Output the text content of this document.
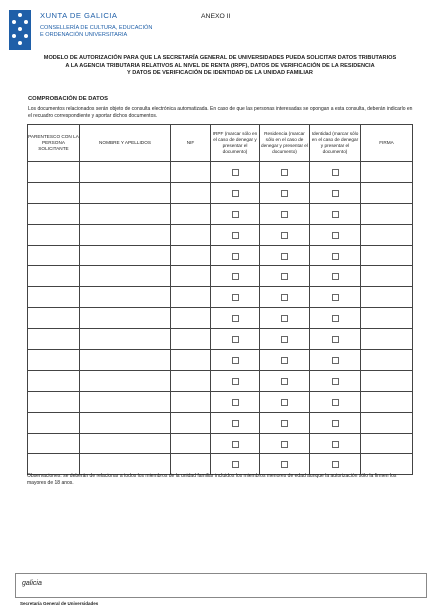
XUNTA DE GALICIA
CONSELLERÍA DE CULTURA, EDUCACIÓN
E ORDENACIÓN UNIVERSITARIA
ANEXO II
MODELO DE AUTORIZACIÓN PARA QUE LA SECRETARÍA GENERAL DE UNIVERSIDADES PUEDA SOLICITAR DATOS TRIBUTARIOS
A LA AGENCIA TRIBUTARIA RELATIVOS AL NIVEL DE RENTA (IRPF), DATOS DE VERIFICACIÓN DE LA RESIDENCIA
Y DATOS DE VERIFICACIÓN DE IDENTIDAD DE LA UNIDAD FAMILIAR
COMPROBACIÓN DE DATOS
Los documentos relacionados serán objeto de consulta electrónica automatizada. En caso de que las personas interesadas se opongan a esta consulta, deberán indicarlo en el recuadro correspondiente y aportar dichos documentos.
PARENTESCO CON LA PERSONA SOLICITANTE	NOMBRE Y APELLIDOS	NIF	IRPF (marcar sólo en el caso de denegar y presentar el documento)	Residencia (marcar sólo en el caso de denegar y presentar el documento)	Identidad (marcar sólo en el caso de denegar y presentar el documento)	FIRMA

Observaciones: se deberán de relacionar a todos los miembros de la unidad familiar incluidos los miembros menores de edad aunque la autorización sólo la firmen los mayores de 18 anos.
galicia
Secretaría General de Universidades
